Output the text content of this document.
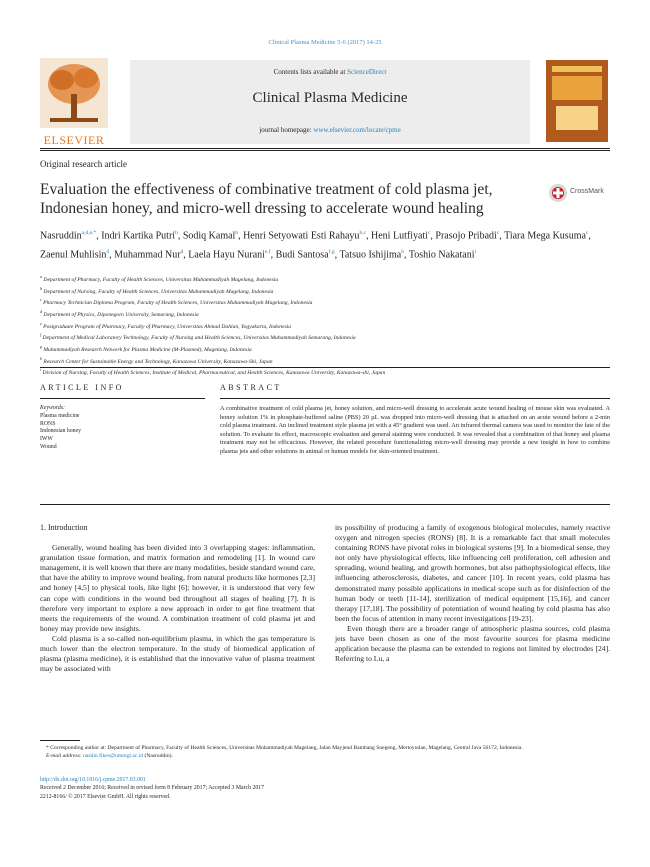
Clinical Plasma Medicine 5-6 (2017) 14-25
ELSEVIER
Contents lists available at ScienceDirect
Clinical Plasma Medicine
journal homepage: www.elsevier.com/locate/cpme
Original research article
Evaluation the effectiveness of combinative treatment of cold plasma jet, Indonesian honey, and micro-well dressing to accelerate wound healing
CrossMark
Nasruddin$^{a,d,e,*}$, Indri Kartika Putri$^b$, Sodiq Kamal$^b$, Henri Setyowati Esti Rahayu$^{b,c}$, Heni Lutfiyati$^c$, Prasojo Pribadi$^c$, Tiara Mega Kusuma$^c$, Zaenul Muhlisin$^d$, Muhammad Nur$^d$, Laela Hayu Nurani$^{e,f}$, Budi Santosa$^{f,g}$, Tatsuo Ishijima$^h$, Toshio Nakatani$^i$
$^a$ Department of Pharmacy, Faculty of Health Sciences, Universitas Muhammadiyah Magelang, Indonesia
$^b$ Department of Nursing, Faculty of Health Sciences, Universitas Muhammadiyah Magelang, Indonesia
$^c$ Pharmacy Technician Diploma Program, Faculty of Health Sciences, Universitas Muhammadiyah Magelang, Indonesia
$^d$ Department of Physics, Diponegoro University, Semarang, Indonesia
$^e$ Postgraduate Program of Pharmacy, Faculty of Pharmacy, Universitas Ahmad Dahlan, Yogyakarta, Indonesia
$^f$ Department of Medical Laboratory Technology, Faculty of Nursing and Health Sciences, Universitas Muhammadiyah Semarang, Indonesia
$^g$ Muhammadiyah Research Network for Plasma Medicine (M-Plasmed), Magelang, Indonesia
$^h$ Research Center for Sustainable Energy and Technology, Kanazawa University, Kanazawa-Shi, Japan
$^i$ Division of Nursing, Faculty of Health Sciences, Institute of Medical, Pharmaceutical, and Health Sciences, Kanazawa University, Kanazawa-shi, Japan
ARTICLE INFO	ABSTRACT
Keywords:
Plasma medicine
RONS
Indonesian honey
IWW
Wound
A combinative treatment of cold plasma jet, honey solution, and micro-well dressing to accelerate acute wound healing of mouse skin was evaluated. A honey solution 1% in phosphate-buffered saline (PBS) 20 µL was dropped into micro-well dressing that is attached on an acute wound before a 2-min cold plasma treatment. An inclined treatment style plasma jet with a 45° gradient was used. An infrared thermal camera was used to monitor the fate of the solution. To evaluate its effect, macroscopic evaluation and general staining were conducted. It was revealed that a combination of that honey and plasma treatment may not be efficacious. However, the related procedure functionalizing micro-well dressing may provide a new insight in how to combine plasma jets and other solutions in animal or human models for skin-oriented treatment.
1. Introduction

Generally, wound healing has been divided into 3 overlapping stages: inflammation, granulation tissue formation, and matrix formation and remodeling [1]. In wound care management, it is well known that there are many modalities, beside standard wound care, that have the ability to improve wound healing, from natural products like hormones [2,3] and honey [4,5] to physical tools, like light [6]; however, it is understood that very few can cope with conditions in the wound bed throughout all stages of healing [7]. It is therefore very important to explore a new approach in order to get fine treatment that meets the requirements of the wound. A combination treatment of cold plasma jet and honey may provide new insights.

Cold plasma is a so-called non-equilibrium plasma, in which the gas temperature is much lower than the electron temperature. In the study of biomedical application of plasma (plasma medicine), it is established that the innovative value of plasma treatment may be associated with

its possibility of producing a family of exogenous biological molecules, namely reactive oxygen and nitrogen species (RONS) [8]. It is a remarkable fact that small molecules containing RONS have pivotal roles in biological systems [9]. In a biomedical sense, they not only have physiological effects, like influencing cell proliferation, cell adhesion and spreading, wound healing, and growth hormones, but also pathophysiological effects, like influencing atherosclerosis, diabetes, and cancer [10]. In recent years, cold plasma has demonstrated many possible applications in medical scope such as for disinfection of the human body or teeth [11-14], sterilization of medical equipment [15,16], and cancer therapy [17,18]. The possibility of potentiation of wound healing by cold plasma has also been the focus of attention in many recent investigations [19-23].

Even though there are a broader range of atmospheric plasma sources, cold plasma jets have been chosen as one of the most favourite sources for plasma medicine application because the plasma can be extended to regions not limited by electrodes [24]. Referring to Lu, a

* Corresponding author at: Department of Pharmacy, Faculty of Health Sciences, Universitas Muhammadiyah Magelang, Jalan Mayjend Bambang Soegeng, Mertoyudan, Magelang, Central Java 56172, Indonesia.
E-mail address: nasdin.fikes@ummgl.ac.id (Nasruddin).
http://dx.doi.org/10.1016/j.cpme.2017.03.001
Received 2 December 2016; Received in revised form 8 February 2017; Accepted 3 March 2017
2212-8166/ © 2017 Elsevier GmbH. All rights reserved.
